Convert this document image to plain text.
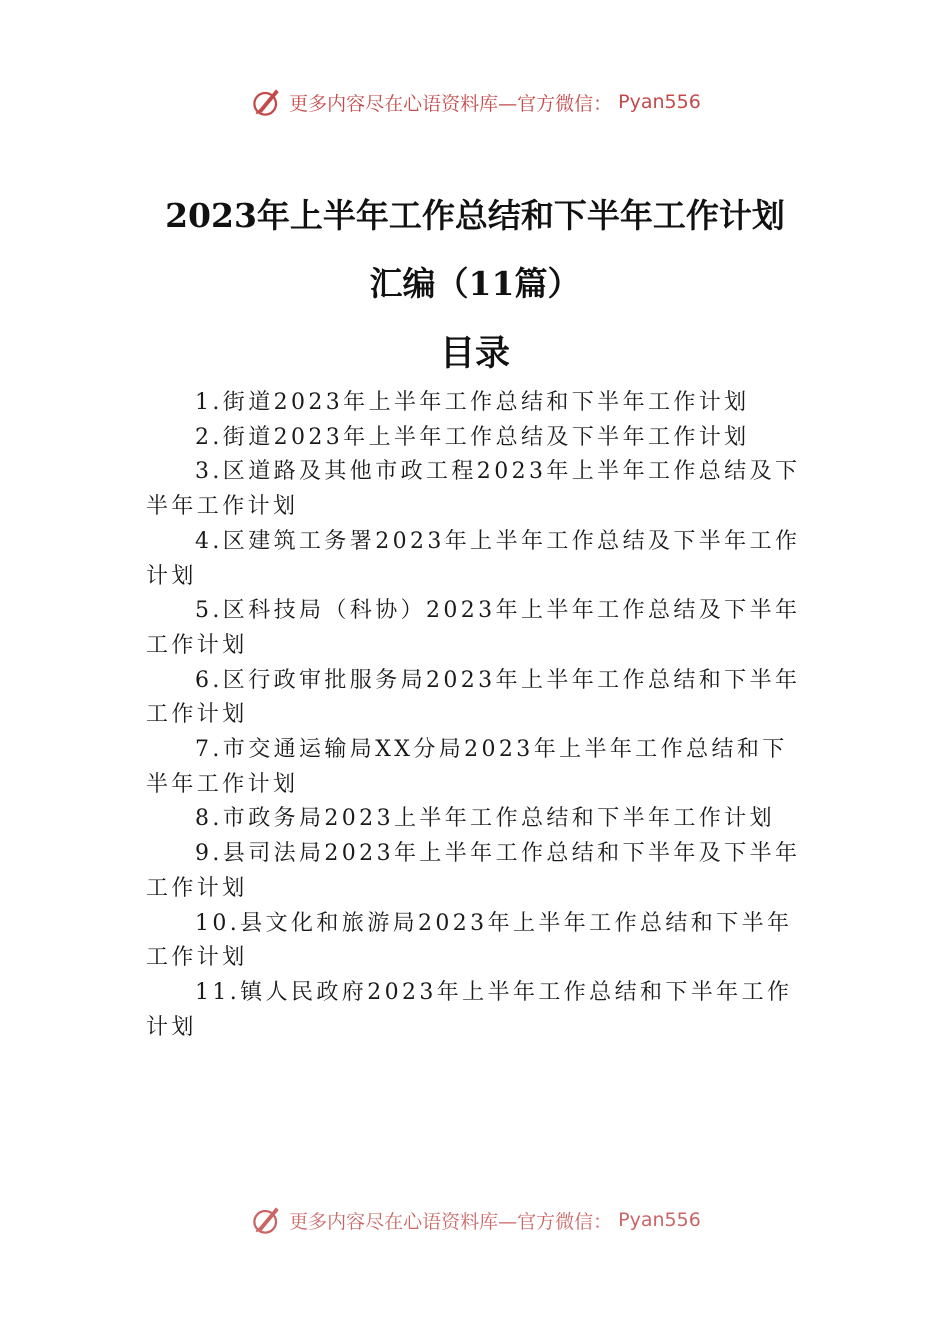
更多内容尽在心语资料库—官方微信： Pyan556
2023年上半年工作总结和下半年工作计划
汇编（11篇）
目录

1.街道2023年上半年工作总结和下半年工作计划

2.街道2023年上半年工作总结及下半年工作计划

3.区道路及其他市政工程2023年上半年工作总结及下半年工作计划

4.区建筑工务署2023年上半年工作总结及下半年工作计划

5.区科技局（科协）2023年上半年工作总结及下半年工作计划

6.区行政审批服务局2023年上半年工作总结和下半年工作计划

7.市交通运输局XX分局2023年上半年工作总结和下半年工作计划

8.市政务局2023上半年工作总结和下半年工作计划

9.县司法局2023年上半年工作总结和下半年及下半年工作计划

10.县文化和旅游局2023年上半年工作总结和下半年工作计划

11.镇人民政府2023年上半年工作总结和下半年工作计划

更多内容尽在心语资料库—官方微信： Pyan556
